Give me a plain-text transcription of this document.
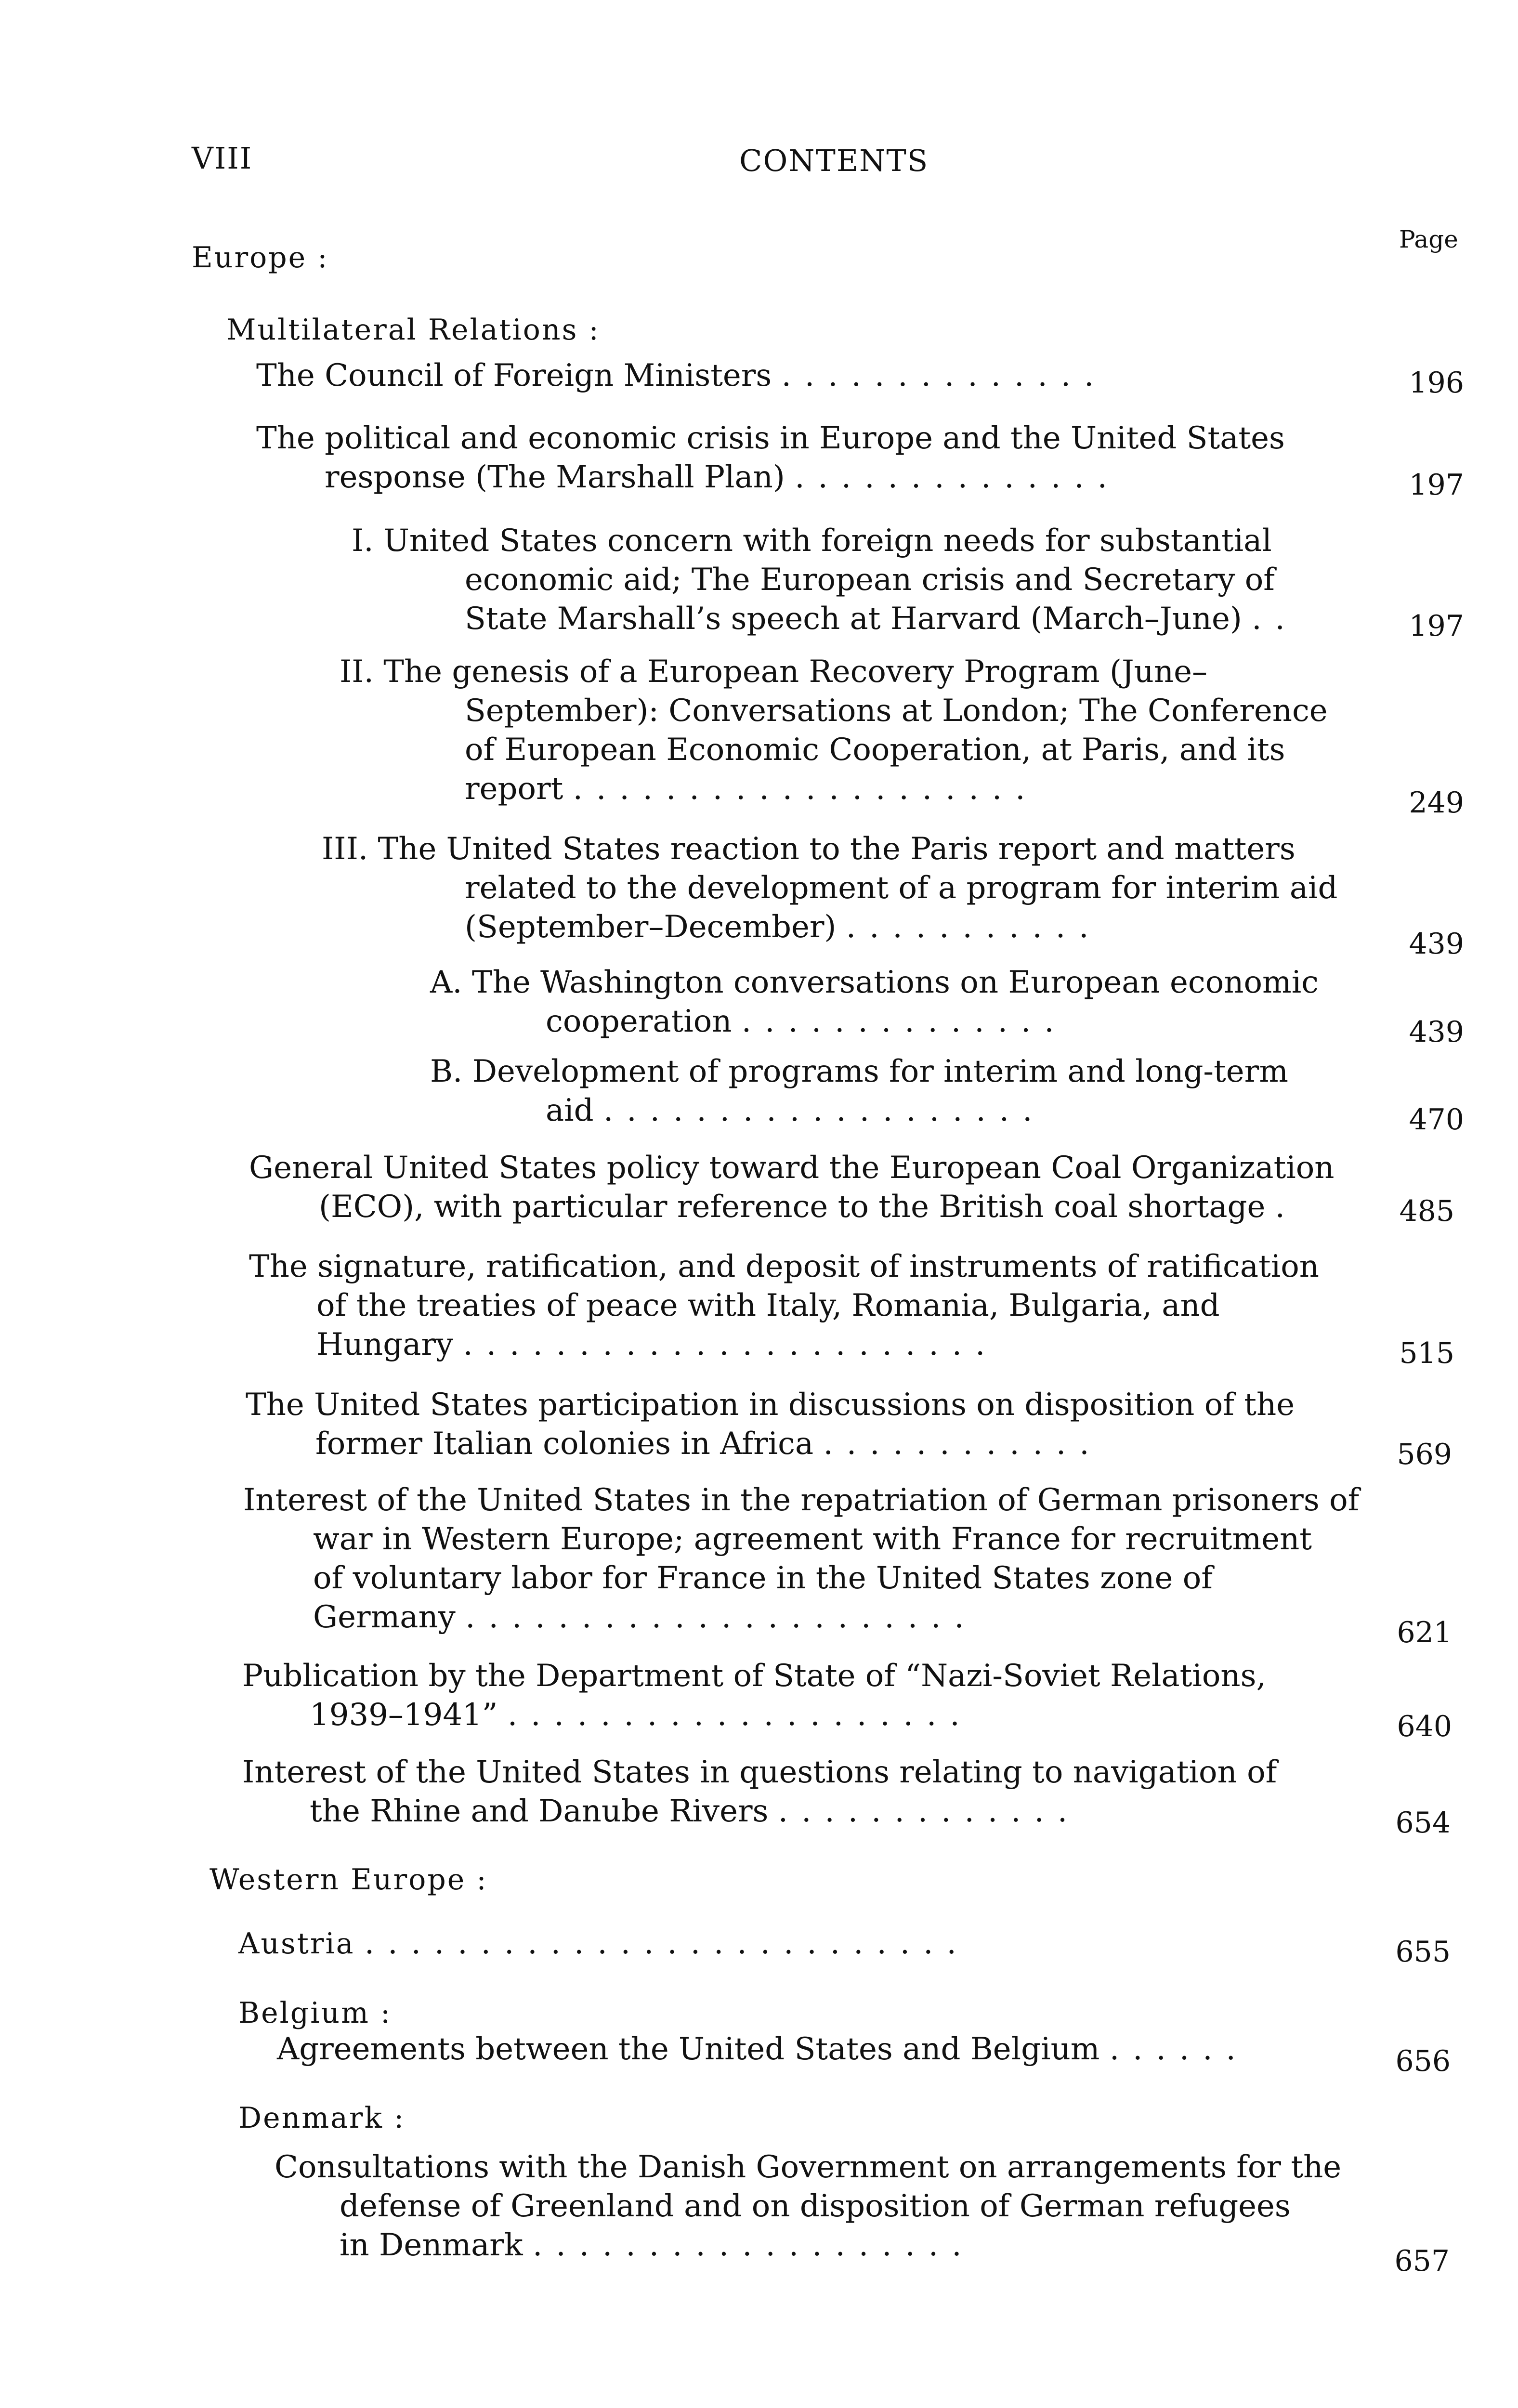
VIII	CONTENTS
Page
Europe :
Multilateral Relations :
The Council of Foreign Ministers ..............	196
The political and economic crisis in Europe and the United States
response (The Marshall Plan) ..............	197
I. United States concern with foreign needs for substantial
economic aid; The European crisis and Secretary of
State Marshall’s speech at Harvard (March–June) ..	197
II. The genesis of a European Recovery Program (June–
September): Conversations at London; The Conference
of European Economic Cooperation, at Paris, and its
report ....................	249
III. The United States reaction to the Paris report and matters
related to the development of a program for interim aid
(September–December) ...........	439
A. The Washington conversations on European economic
cooperation ..............	439
B. Development of programs for interim and long-term
aid ...................	470
General United States policy toward the European Coal Organization
(ECO), with particular reference to the British coal shortage .	485
The signature, ratification, and deposit of instruments of ratification
of the treaties of peace with Italy, Romania, Bulgaria, and
Hungary .......................	515
The United States participation in discussions on disposition of the
former Italian colonies in Africa ............	569
Interest of the United States in the repatriation of German prisoners of
war in Western Europe; agreement with France for recruitment
of voluntary labor for France in the United States zone of
Germany ......................	621
Publication by the Department of State of “Nazi-Soviet Relations,
1939–1941” ....................	640
Interest of the United States in questions relating to navigation of
the Rhine and Danube Rivers .............	654
Western Europe :
Austria ..........................	655
Belgium :
Agreements between the United States and Belgium ......	656
Denmark :
Consultations with the Danish Government on arrangements for the
defense of Greenland and on disposition of German refugees
in Denmark ...................	657
